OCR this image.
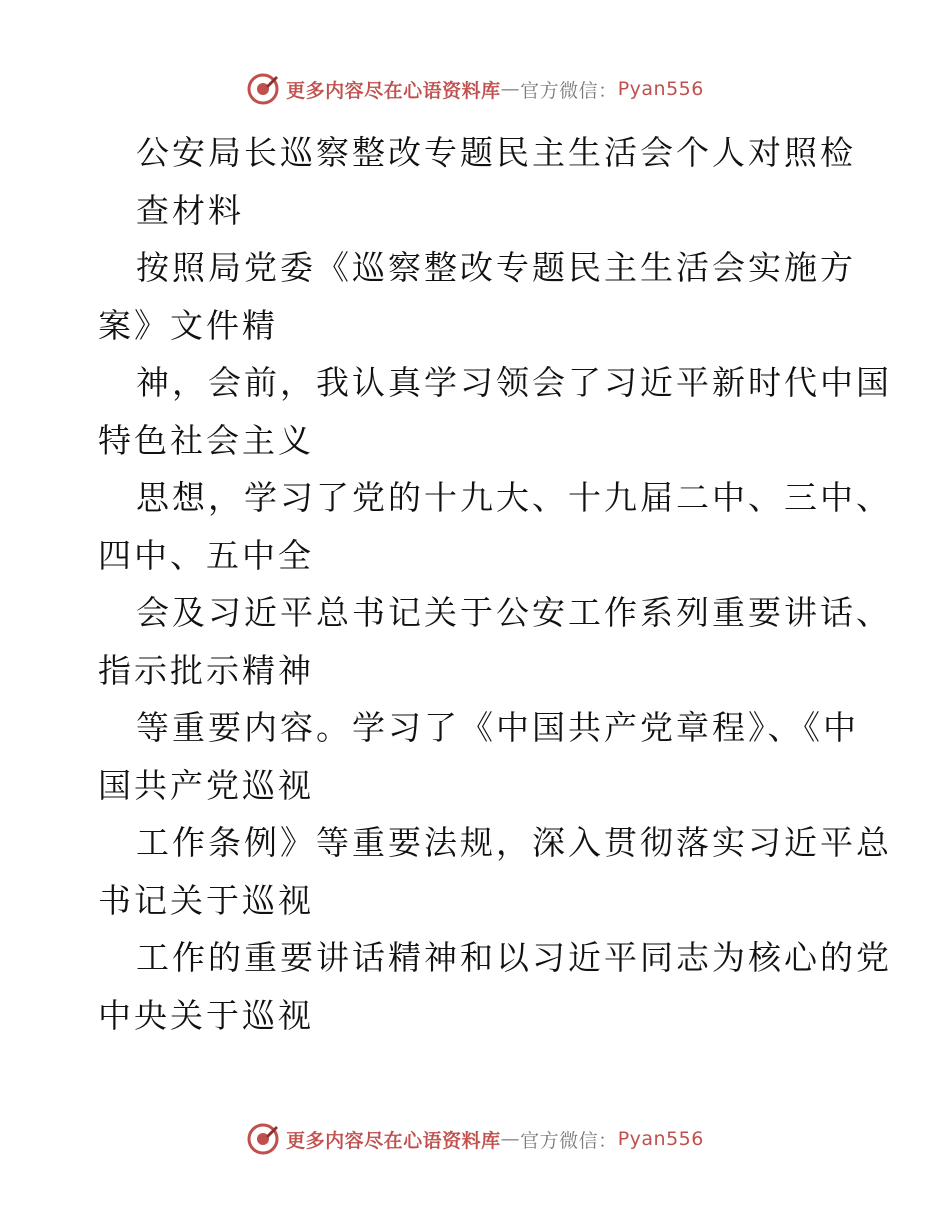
更多内容尽在心语资料库 — 官方微信： Pyan556
公安局长巡察整改专题民主生活会个人对照检
查材料
按照局党委《巡察整改专题民主生活会实施方
案》文件精
神，会前，我认真学习领会了习近平新时代中国
特色社会主义
思想，学习了党的十九大、十九届二中、三中、
四中、五中全
会及习近平总书记关于公安工作系列重要讲话、
指示批示精神
等重要内容。学习了《中国共产党章程》、《中
国共产党巡视
工作条例》等重要法规，深入贯彻落实习近平总
书记关于巡视
工作的重要讲话精神和以习近平同志为核心的党
中央关于巡视
更多内容尽在心语资料库 — 官方微信： Pyan556
